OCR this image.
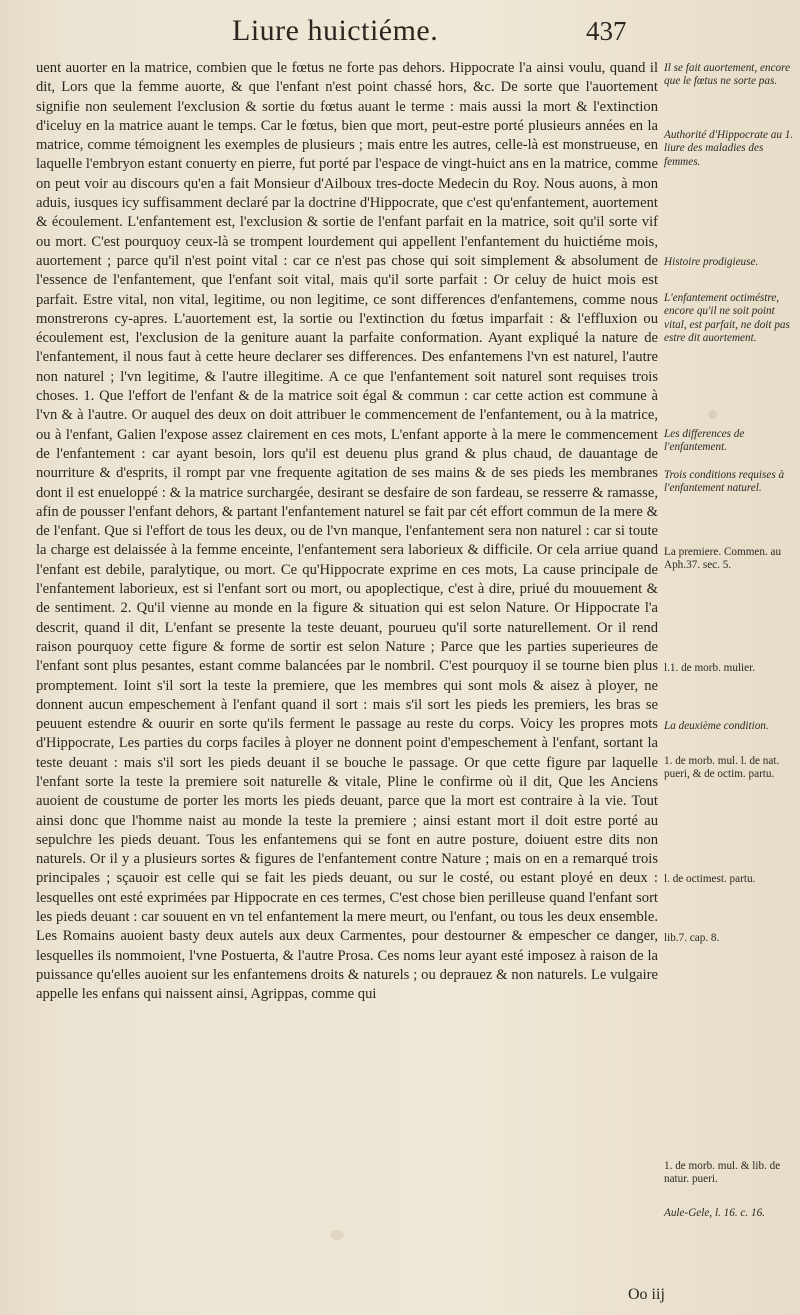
Liure huictiéme.	437

uent auorter en la matrice, combien que le fœtus ne forte pas dehors. Hippocrate l'a ainsi voulu, quand il dit, Lors que la femme auorte, & que l'enfant n'est point chassé hors, &c. De sorte que l'auortement signifie non seulement l'exclusion & sortie du fœtus auant le terme : mais aussi la mort & l'extinction d'iceluy en la matrice auant le temps. Car le fœtus, bien que mort, peut-estre porté plusieurs années en la matrice, comme témoignent les exemples de plusieurs ; mais entre les autres, celle-là est monstrueuse, en laquelle l'embryon estant conuerty en pierre, fut porté par l'espace de vingt-huict ans en la matrice, comme on peut voir au discours qu'en a fait Monsieur d'Ailboux tres-docte Medecin du Roy. Nous auons, à mon aduis, iusques icy suffisamment declaré par la doctrine d'Hippocrate, que c'est qu'enfantement, auortement & écoulement. L'enfantement est, l'exclusion & sortie de l'enfant parfait en la matrice, soit qu'il sorte vif ou mort. C'est pourquoy ceux-là se trompent lourdement qui appellent l'enfantement du huictiéme mois, auortement ; parce qu'il n'est point vital : car ce n'est pas chose qui soit simplement & absolument de l'essence de l'enfantement, que l'enfant soit vital, mais qu'il sorte parfait : Or celuy de huict mois est parfait. Estre vital, non vital, legitime, ou non legitime, ce sont differences d'enfantemens, comme nous monstrerons cy-apres. L'auortement est, la sortie ou l'extinction du fœtus imparfait : & l'effluxion ou écoulement est, l'exclusion de la geniture auant la parfaite conformation. Ayant expliqué la nature de l'enfantement, il nous faut à cette heure declarer ses differences. Des enfantemens l'vn est naturel, l'autre non naturel ; l'vn legitime, & l'autre illegitime. A ce que l'enfantement soit naturel sont requises trois choses. 1. Que l'effort de l'enfant & de la matrice soit égal & commun : car cette action est commune à l'vn & à l'autre. Or auquel des deux on doit attribuer le commencement de l'enfantement, ou à la matrice, ou à l'enfant, Galien l'expose assez clairement en ces mots, L'enfant apporte à la mere le commencement de l'enfantement : car ayant besoin, lors qu'il est deuenu plus grand & plus chaud, de dauantage de nourriture & d'esprits, il rompt par vne frequente agitation de ses mains & de ses pieds les membranes dont il est enueloppé : & la matrice surchargée, desirant se desfaire de son fardeau, se resserre & ramasse, afin de pousser l'enfant dehors, & partant l'enfantement naturel se fait par cét effort commun de la mere & de l'enfant. Que si l'effort de tous les deux, ou de l'vn manque, l'enfantement sera non naturel : car si toute la charge est delaissée à la femme enceinte, l'enfantement sera laborieux & difficile. Or cela arriue quand l'enfant est debile, paralytique, ou mort. Ce qu'Hippocrate exprime en ces mots, La cause principale de l'enfantement laborieux, est si l'enfant sort ou mort, ou apoplectique, c'est à dire, priué du mouuement & de sentiment. 2. Qu'il vienne au monde en la figure & situation qui est selon Nature. Or Hippocrate l'a descrit, quand il dit, L'enfant se presente la teste deuant, pourueu qu'il sorte naturellement. Or il rend raison pourquoy cette figure & forme de sortir est selon Nature ; Parce que les parties superieures de l'enfant sont plus pesantes, estant comme balancées par le nombril. C'est pourquoy il se tourne bien plus promptement. Ioint s'il sort la teste la premiere, que les membres qui sont mols & aisez à ployer, ne donnent aucun empeschement à l'enfant quand il sort : mais s'il sort les pieds les premiers, les bras se peuuent estendre & ouurir en sorte qu'ils ferment le passage au reste du corps. Voicy les propres mots d'Hippocrate, Les parties du corps faciles à ployer ne donnent point d'empeschement à l'enfant, sortant la teste deuant : mais s'il sort les pieds deuant il se bouche le passage. Or que cette figure par laquelle l'enfant sorte la teste la premiere soit naturelle & vitale, Pline le confirme où il dit, Que les Anciens auoient de coustume de porter les morts les pieds deuant, parce que la mort est contraire à la vie. Tout ainsi donc que l'homme naist au monde la teste la premiere ; ainsi estant mort il doit estre porté au sepulchre les pieds deuant. Tous les enfantemens qui se font en autre posture, doiuent estre dits non naturels. Or il y a plusieurs sortes & figures de l'enfantement contre Nature ; mais on en a remarqué trois principales ; sçauoir est celle qui se fait les pieds deuant, ou sur le costé, ou estant ployé en deux : lesquelles ont esté exprimées par Hippocrate en ces termes, C'est chose bien perilleuse quand l'enfant sort les pieds deuant : car souuent en vn tel enfantement la mere meurt, ou l'enfant, ou tous les deux ensemble. Les Romains auoient basty deux autels aux deux Carmentes, pour destourner & empescher ce danger, lesquelles ils nommoient, l'vne Postuerta, & l'autre Prosa. Ces noms leur ayant esté imposez à raison de la puissance qu'elles auoient sur les enfantemens droits & naturels ; ou deprauez & non naturels. Le vulgaire appelle les enfans qui naissent ainsi, Agrippas, comme qui

Il se fait auortement, encore que le fœtus ne sorte pas.
Authorité d'Hippocrate au 1. liure des maladies des femmes.
Histoire prodigieuse.
L'enfantement octiméstre, encore qu'il ne soit point vital, est parfait, ne doit pas estre dit auortement.
Les differences de l'enfantement.
Trois conditions requises à l'enfantement naturel.
La premiere. Commen. au Aph.37. sec. 5.
l.1. de morb. mulier.
La deuxième condition.
1. de morb. mul. l. de nat. pueri, & de octim. partu.
l. de octimest. partu.
lib.7. cap. 8.
1. de morb. mul. & lib. de natur. pueri.
Aule-Gele, l. 16. c. 16.
Oo iij
